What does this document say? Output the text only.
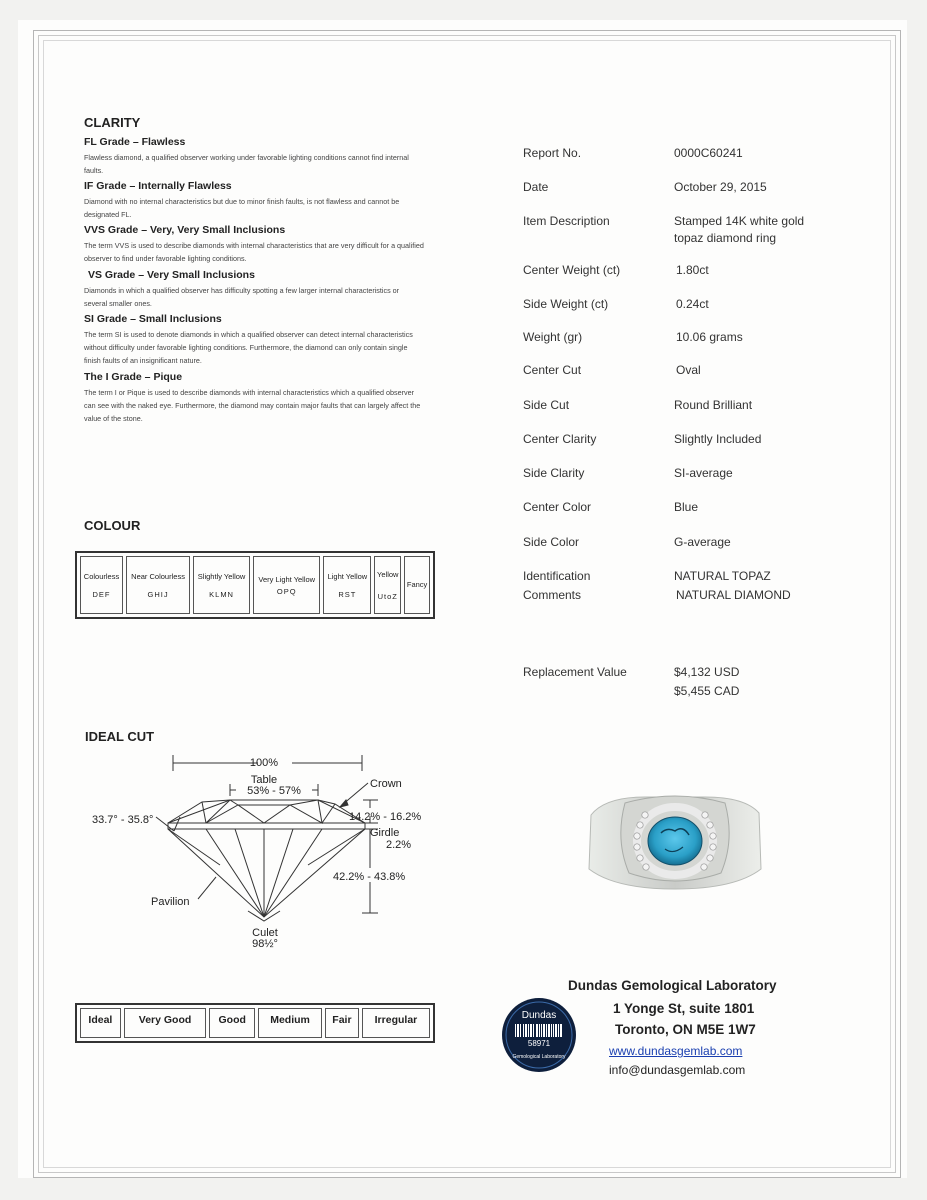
CLARITY
FL Grade – Flawless
Flawless diamond, a qualified observer working under favorable lighting conditions cannot find internal faults.
IF Grade – Internally Flawless
Diamond with no internal characteristics but due to minor finish faults, is not flawless and cannot be designated FL.
VVS Grade – Very, Very Small Inclusions
The term VVS is used to describe diamonds with internal characteristics that are very difficult for a qualified observer to find under favorable lighting conditions.
VS Grade – Very Small Inclusions
Diamonds in which a qualified observer has difficulty spotting a few larger internal characteristics or several smaller ones.
SI Grade – Small Inclusions
The term SI is used to denote diamonds in which a qualified observer can detect internal characteristics without difficulty under favorable lighting conditions. Furthermore, the diamond can only contain single finish faults of an insignificant nature.
The I Grade – Pique
The term I or Pique is used to describe diamonds with internal characteristics which a qualified observer can see with the naked eye. Furthermore, the diamond may contain major faults that can largely affect the value of the stone.
COLOUR
Colourless
DEF

Near Colourless
GHIJ

Slightly Yellow
KLMN

Very Light Yellow
OPQ

Light Yellow
RST

Yellow
UtoZ

Fancy
IDEAL CUT
100%
Table
53% - 57%
Crown
33.7° - 35.8°	14.2% - 16.2%
Girdle
2.2%
42.2% - 43.8%
Pavilion
Culet
98½°
Ideal	Very Good	Good	Medium	Fair	Irregular
Report No.	0000C60241
Date	October 29, 2015
Item Description	Stamped 14K white gold topaz diamond ring
Center Weight (ct)	1.80ct
Side Weight (ct)	0.24ct
Weight (gr)	10.06 grams
Center Cut	Oval
Side Cut	Round Brilliant
Center Clarity	Slightly Included
Side Clarity	SI-average
Center Color	Blue
Side Color	G-average
Identification	NATURAL TOPAZ
Comments	NATURAL DIAMOND
Replacement Value	$4,132 USD
$5,455 CAD
Dundas Gemological Laboratory
1 Yonge St, suite 1801
Toronto, ON M5E 1W7
www.dundasgemlab.com
info@dundasgemlab.com
Dundas
58971
Gemological Laboratory
